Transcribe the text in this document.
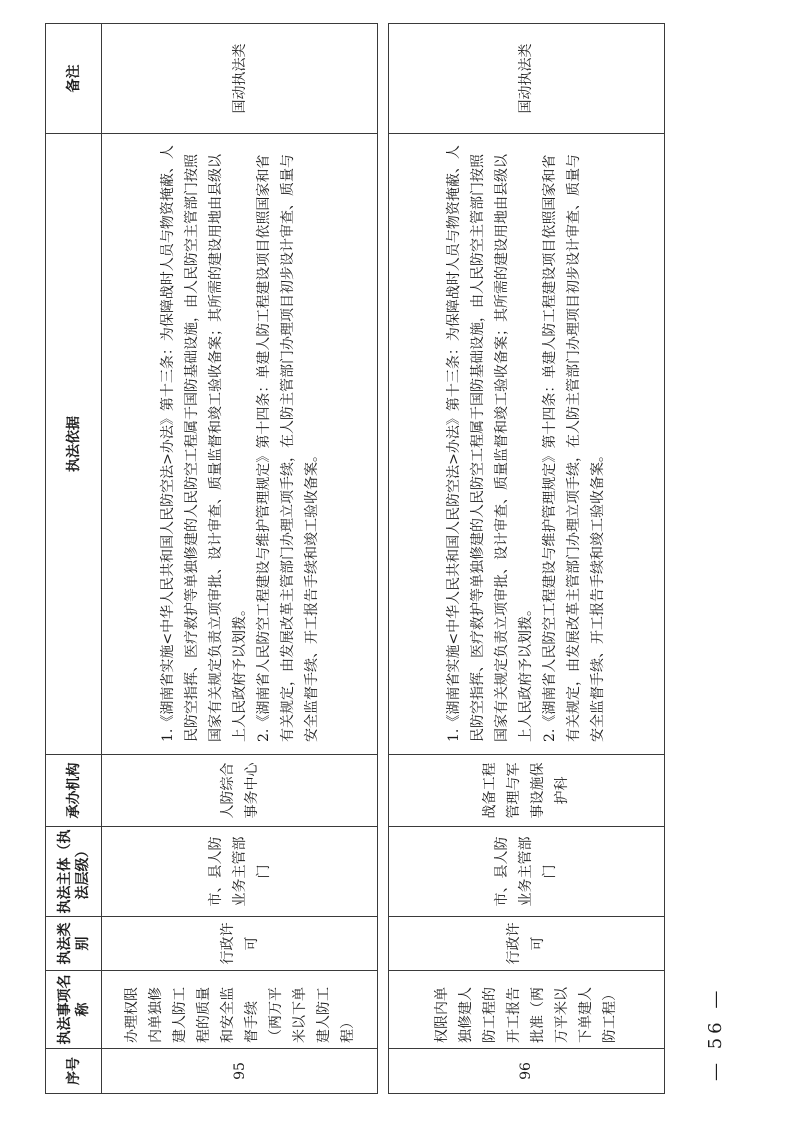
序号	执法事项名称	执法类别	执法主体（执法层级）	承办机构	执法依据	备注
95	办理权限内单独修建人防工程的质量和安全监督手续（两万平米以下单建人防工程）	行政许可	市、县人防业务主管部门	人防综合事务中心	1.《湖南省实施<中华人民共和国人民防空法>办法》第十三条：为保障战时人员与物资掩蔽、人民防空指挥、医疗救护等单独修建的人民防空工程属于国防基础设施，由人民防空主管部门按照国家有关规定负责立项审批、设计审查、质量监督和竣工验收备案；其所需的建设用地由县级以上人民政府予以划拨。 2.《湖南省人民防空工程建设与维护管理规定》第十四条：单建人防工程建设项目依照国家和省有关规定，由发展改革主管部门办理立项手续，在人防主管部门办理项目初步设计审查、质量与安全监督手续、开工报告手续和竣工验收备案。	国动执法类

96	权限内单独修建人防工程的开工报告批准（两万平米以下单建人防工程）	行政许可	市、县人防业务主管部门	战备工程管理与军事设施保护科	1.《湖南省实施<中华人民共和国人民防空法>办法》第十三条：为保障战时人员与物资掩蔽、人民防空指挥、医疗救护等单独修建的人民防空工程属于国防基础设施，由人民防空主管部门按照国家有关规定负责立项审批、设计审查、质量监督和竣工验收备案；其所需的建设用地由县级以上人民政府予以划拨。 2.《湖南省人民防空工程建设与维护管理规定》第十四条：单建人防工程建设项目依照国家和省有关规定，由发展改革主管部门办理立项手续，在人防主管部门办理项目初步设计审查、质量与安全监督手续、开工报告手续和竣工验收备案。	国动执法类
— 56 —
